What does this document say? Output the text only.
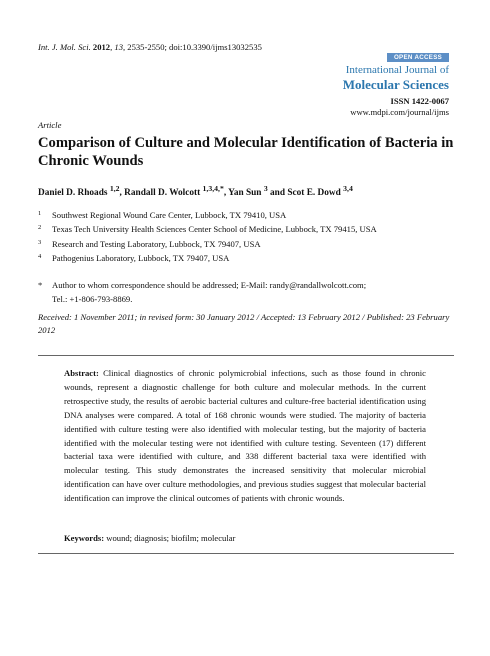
Int. J. Mol. Sci. 2012, 13, 2535-2550; doi:10.3390/ijms13032535
OPEN ACCESS
International Journal of
Molecular Sciences
ISSN 1422-0067
www.mdpi.com/journal/ijms
Article
Comparison of Culture and Molecular Identification of Bacteria in Chronic Wounds
Daniel D. Rhoads $^{1,2}$, Randall D. Wolcott $^{1,3,4,*}$, Yan Sun $^3$ and Scot E. Dowd $^{3,4}$
1 Southwest Regional Wound Care Center, Lubbock, TX 79410, USA
2 Texas Tech University Health Sciences Center School of Medicine, Lubbock, TX 79415, USA
3 Research and Testing Laboratory, Lubbock, TX 79407, USA
4 Pathogenius Laboratory, Lubbock, TX 79407, USA
* Author to whom correspondence should be addressed; E-Mail: randy@randallwolcott.com;
Tel.: +1-806-793-8869.
Received: 1 November 2011; in revised form: 30 January 2012 / Accepted: 13 February 2012 / Published: 23 February 2012
Abstract: Clinical diagnostics of chronic polymicrobial infections, such as those found in chronic wounds, represent a diagnostic challenge for both culture and molecular methods. In the current retrospective study, the results of aerobic bacterial cultures and culture-free bacterial identification using DNA analyses were compared. A total of 168 chronic wounds were studied. The majority of bacteria identified with culture testing were also identified with molecular testing, but the majority of bacteria identified with the molecular testing were not identified with culture testing. Seventeen (17) different bacterial taxa were identified with culture, and 338 different bacterial taxa were identified with molecular testing. This study demonstrates the increased sensitivity that molecular microbial identification can have over culture methodologies, and previous studies suggest that molecular bacterial identification can improve the clinical outcomes of patients with chronic wounds.
Keywords: wound; diagnosis; biofilm; molecular
